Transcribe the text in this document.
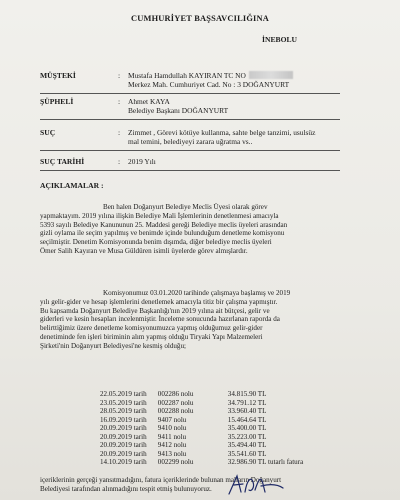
CUMHURİYET BAŞSAVCILIĞINA
İNEBOLU
MÜŞTEKİ	: Mustafa Hamdullah KAYIRAN TC NO
Merkez Mah. Cumhuriyet Cad. No : 3 DOĞANYURT
ŞÜPHELİ	: Ahmet KAYA
Belediye Başkanı DOĞANYURT
SUÇ	: Zimmet , Görevi kötüye kullanma, sahte belge tanzimi, usulsüz
mal temini, belediyeyi zarara uğratma vs..
SUÇ TARİHİ	: 2019 Yılı
AÇIKLAMALAR :
Ben halen Doğanyurt Belediye Meclis Üyesi olarak görev
yapmaktayım. 2019 yılına ilişkin Belediye Mali İşlemlerinin denetlenmesi amacıyla
5393 sayılı Belediye Kanununun 25. Maddesi gereği Belediye meclis üyeleri arasından
gizli oylama ile seçim yapılmış ve benimde içinde bulunduğum denetleme komisyonu
seçilmiştir. Denetim Komisyonunda benim dışımda, diğer belediye meclis üyeleri
Ömer Salih Kayıran ve Musa Güldüren isimli üyelerde görev almışlardır.
Komisyonumuz 03.01.2020 tarihinde çalışmaya başlamış ve 2019
yılı gelir-gider ve hesap işlemlerini denetlemek amacıyla titiz bir çalışma yapmıştır.
Bu kapsamda Doğanyurt Belediye Başkanlığı'nın 2019 yılına ait bütçesi, gelir ve
giderleri ve kesin hesapları incelenmiştir. İnceleme sonucunda hazırlanan raporda da
belirttiğimiz üzere denetleme komisyonumuzca yapmış olduğumuz gelir-gider
denetiminde fen işleri biriminin alım yapmış olduğu Tiryaki Yapı Malzemeleri
Şirketi'nin Doğanyurt Belediyesi'ne kesmiş olduğu;
22.05.2019 tarih 002286 nolu	34.815.90 TL
23.05.2019 tarih 002287 nolu	34.791.12 TL
28.05.2019 tarih 002288 nolu	33.960.40 TL
16.09.2019 tarih 9407 nolu	15.464.64 TL
20.09.2019 tarih 9410 nolu	35.400.00 TL
20.09.2019 tarih 9411 nolu	35.223.00 TL
20.09.2019 tarih 9412 nolu	35.494.40 TL
20.09.2019 tarih 9413 nolu	35.541.60 TL
14.10.2019 tarih 002299 nolu	32.986.90 TL tutarlı fatura
içeriklerinin gerçeği yansıtmadığını, fatura içeriklerinde bulunan malların Doğanyurt
Belediyesi tarafından alınmadığını tespit etmiş bulunuyoruz.
